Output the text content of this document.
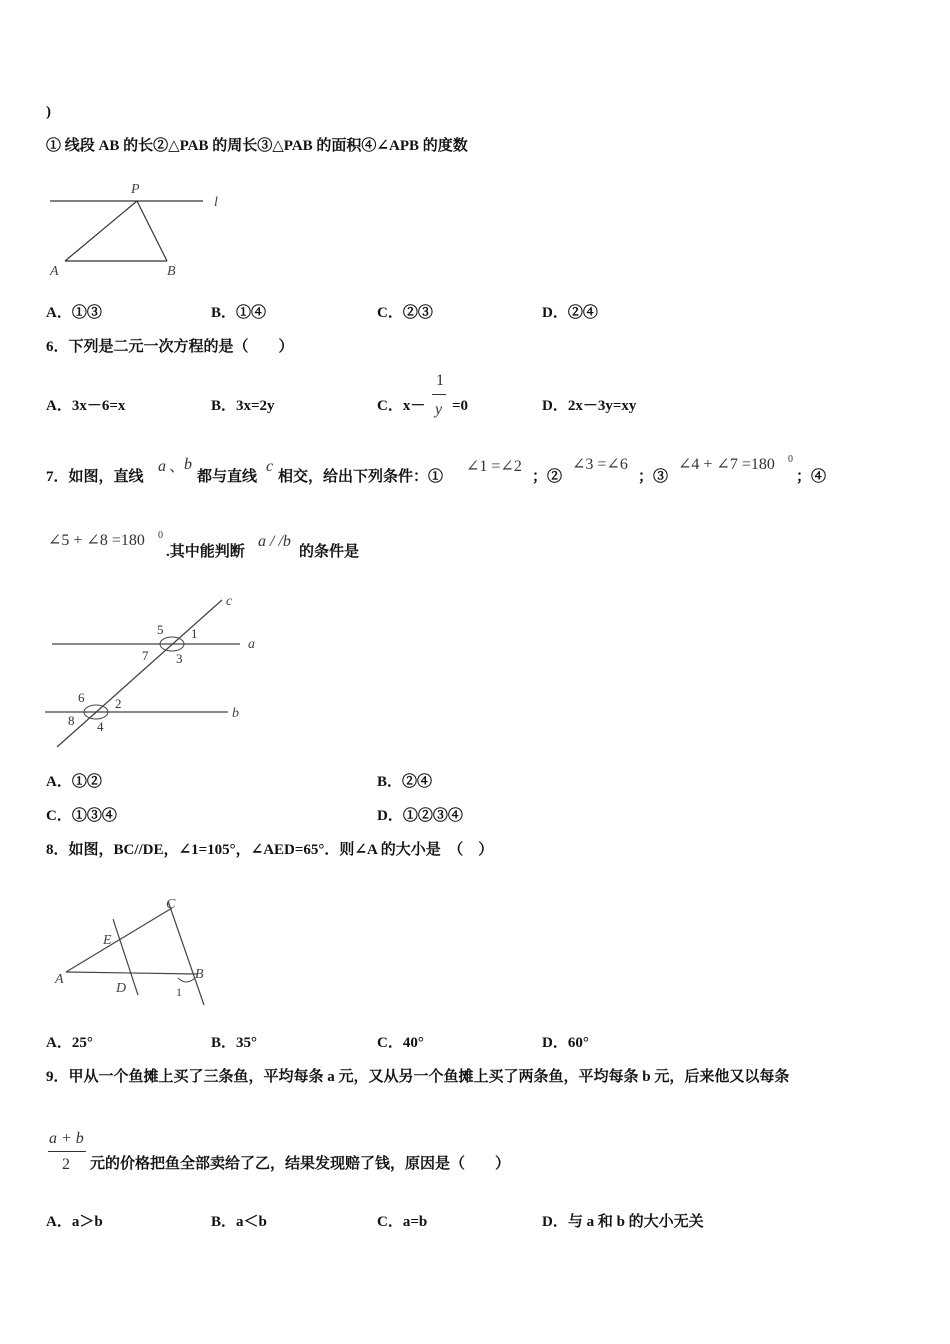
)
① 线段 AB 的长②△PAB 的周长③△PAB 的面积④∠APB 的度数
P
l
A	B
A．①③	B．①④	C．②③	D．②④
6．下列是二元一次方程的是（　　）
A．3x－6=x	B．3x=2y	C．x－
1
y =0	D．2x－3y=xy
7．如图，直线
a 、
b
都与直线
c
相交，给出下列条件：①
∠1 =∠2
；②
∠3 =∠6
；③
∠4 + ∠7 =180 0
；④
∠5 + ∠8 =180 0
.其中能判断
a / /b
的条件是
c
a
b
5 1
7 3
6 2
8 4
A．①②	B．②④
C．①③④	D．①②③④
8．如图，BC//DE，∠1=105°，∠AED=65°．则∠A 的大小是　（　）
C
E
A
D
B
1
A．25°	B．35°	C．40°	D．60°
9．甲从一个鱼摊上买了三条鱼，平均每条 a 元，又从另一个鱼摊上买了两条鱼，平均每条 b 元，后来他又以每条
a + b
2 元的价格把鱼全部卖给了乙，结果发现赔了钱，原因是（　　）
A．a＞b	B．a＜b	C．a=b	D．与 a 和 b 的大小无关
